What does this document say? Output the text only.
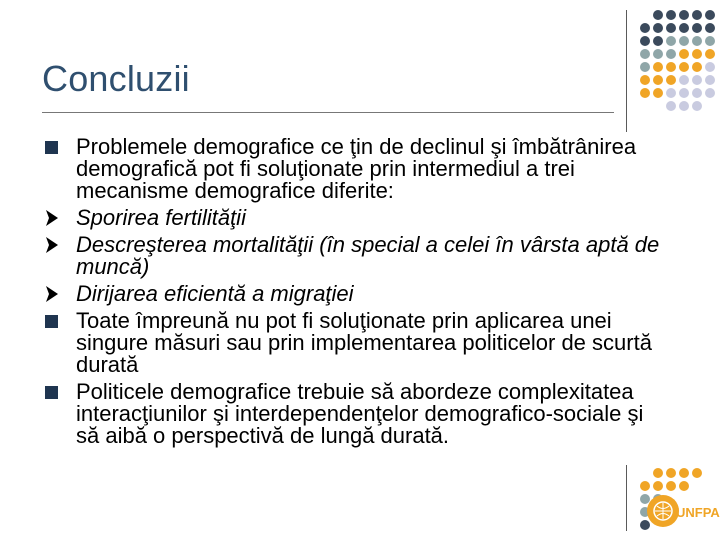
Concluzii
Problemele demografice ce ţin de declinul şi îmbătrânirea demografică pot fi soluţionate prin intermediul a trei mecanisme demografice diferite:
Sporirea fertilităţii
Descreşterea mortalităţii (în special a celei în vârsta aptă de muncă)
Dirijarea eficientă a migraţiei
Toate împreună nu pot fi soluţionate prin aplicarea unei singure măsuri sau prin implementarea politicelor de scurtă durată
Politicele demografice trebuie să abordeze complexitatea interacţiunilor şi interdependenţelor demografico-sociale şi să aibă o perspectivă de lungă durată.
UNFPA
